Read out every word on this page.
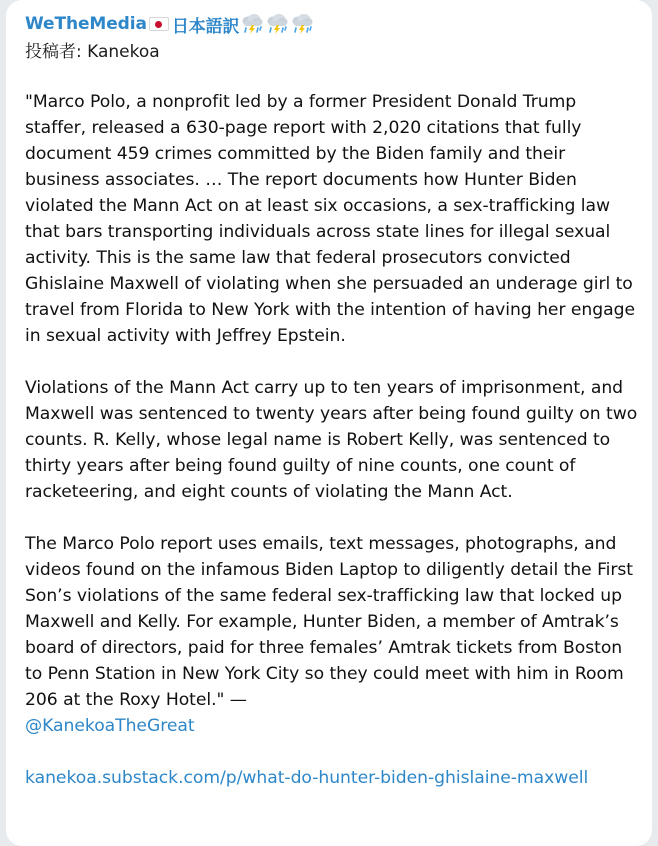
WeTheMedia 日本語訳
投稿者: Kanekoa

"Marco Polo, a nonprofit led by a former President Donald Trump staffer, released a 630-page report with 2,020 citations that fully document 459 crimes committed by the Biden family and their business associates. … The report documents how Hunter Biden violated the Mann Act on at least six occasions, a sex-trafficking law that bars transporting individuals across state lines for illegal sexual activity. This is the same law that federal prosecutors convicted Ghislaine Maxwell of violating when she persuaded an underage girl to travel from Florida to New York with the intention of having her engage in sexual activity with Jeffrey Epstein.

Violations of the Mann Act carry up to ten years of imprisonment, and Maxwell was sentenced to twenty years after being found guilty on two counts. R. Kelly, whose legal name is Robert Kelly, was sentenced to thirty years after being found guilty of nine counts, one count of racketeering, and eight counts of violating the Mann Act.

The Marco Polo report uses emails, text messages, photographs, and videos found on the infamous Biden Laptop to diligently detail the First Son’s violations of the same federal sex-trafficking law that locked up Maxwell and Kelly. For example, Hunter Biden, a member of Amtrak’s board of directors, paid for three females’ Amtrak tickets from Boston to Penn Station in New York City so they could meet with him in Room 206 at the Roxy Hotel." —
@KanekoaTheGreat

kanekoa.substack.com/p/what-do-hunter-biden-ghislaine-maxwell
